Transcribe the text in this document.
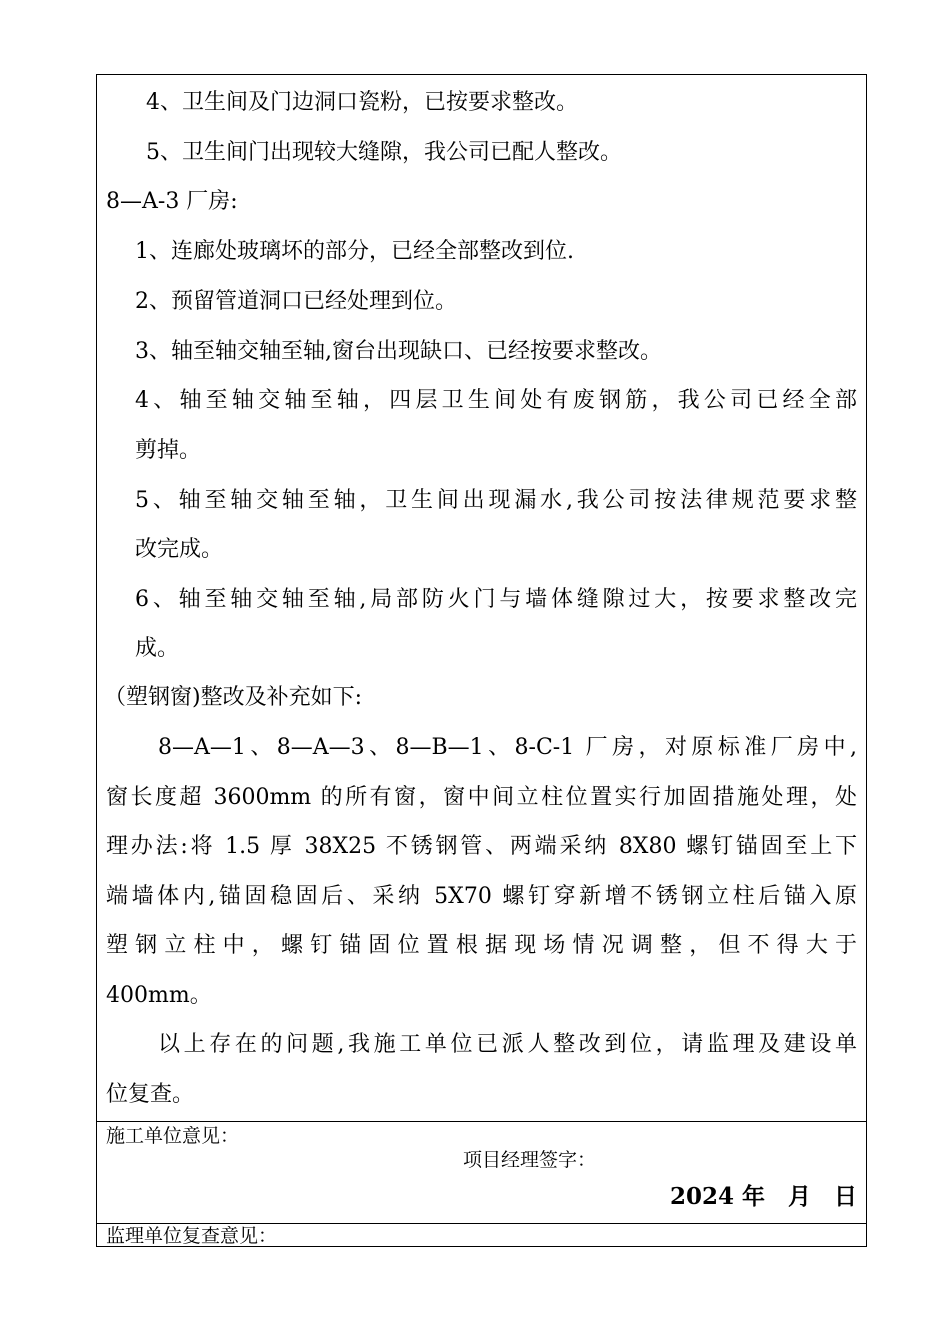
4、卫生间及门边洞口瓷粉，已按要求整改。
5、卫生间门出现较大缝隙，我公司已配人整改。
8—A-3 厂房:
1、连廊处玻璃坏的部分，已经全部整改到位.
2、预留管道洞口已经处理到位。
3、轴至轴交轴至轴,窗台出现缺口、已经按要求整改。
4、轴至轴交轴至轴，四层卫生间处有废钢筋，我公司已经全部
剪掉。
5、轴至轴交轴至轴，卫生间出现漏水,我公司按法律规范要求整
改完成。
6、轴至轴交轴至轴,局部防火门与墙体缝隙过大，按要求整改完
成。
（塑钢窗)整改及补充如下:
8—A—1、8—A—3、8—B—1、8-C-1 厂房，对原标准厂房中,
窗长度超 3600mm 的所有窗，窗中间立柱位置实行加固措施处理，处
理办法:将 1.5 厚 38X25 不锈钢管、两端采纳 8X80 螺钉锚固至上下
端墙体内,锚固稳固后、采纳 5X70 螺钉穿新增不锈钢立柱后锚入原
塑钢立柱中，螺钉锚固位置根据现场情况调整，但不得大于
400mm。
以上存在的问题,我施工单位已派人整改到位，请监理及建设单
位复查。
施工单位意见：
项目经理签字：
2024 年　月　日
监理单位复查意见：
